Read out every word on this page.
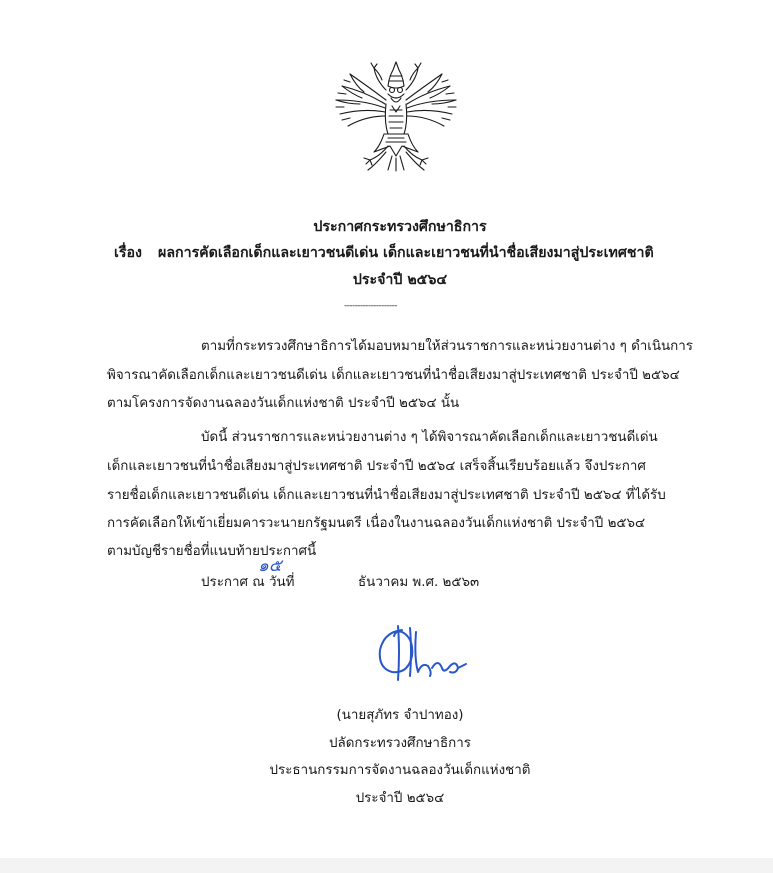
ประกาศกระทรวงศึกษาธิการ
เรื่อง ผลการคัดเลือกเด็กและเยาวชนดีเด่น เด็กและเยาวชนที่นำชื่อเสียงมาสู่ประเทศชาติ
ประจำปี ๒๕๖๔
--------------------
ตามที่กระทรวงศึกษาธิการได้มอบหมายให้ส่วนราชการและหน่วยงานต่าง ๆ ดำเนินการ
พิจารณาคัดเลือกเด็กและเยาวชนดีเด่น เด็กและเยาวชนที่นำชื่อเสียงมาสู่ประเทศชาติ ประจำปี ๒๕๖๔
ตามโครงการจัดงานฉลองวันเด็กแห่งชาติ ประจำปี ๒๕๖๔ นั้น
บัดนี้ ส่วนราชการและหน่วยงานต่าง ๆ ได้พิจารณาคัดเลือกเด็กและเยาวชนดีเด่น
เด็กและเยาวชนที่นำชื่อเสียงมาสู่ประเทศชาติ ประจำปี ๒๕๖๔ เสร็จสิ้นเรียบร้อยแล้ว จึงประกาศ
รายชื่อเด็กและเยาวชนดีเด่น เด็กและเยาวชนที่นำชื่อเสียงมาสู่ประเทศชาติ ประจำปี ๒๕๖๔ ที่ได้รับ
การคัดเลือกให้เข้าเยี่ยมคารวะนายกรัฐมนตรี เนื่องในงานฉลองวันเด็กแห่งชาติ ประจำปี ๒๕๖๔
ตามบัญชีรายชื่อที่แนบท้ายประกาศนี้
ประกาศ ณ วันที่
๑๕
ธันวาคม พ.ศ. ๒๕๖๓
(นายสุภัทร จำปาทอง)
ปลัดกระทรวงศึกษาธิการ
ประธานกรรมการจัดงานฉลองวันเด็กแห่งชาติ
ประจำปี ๒๕๖๔
